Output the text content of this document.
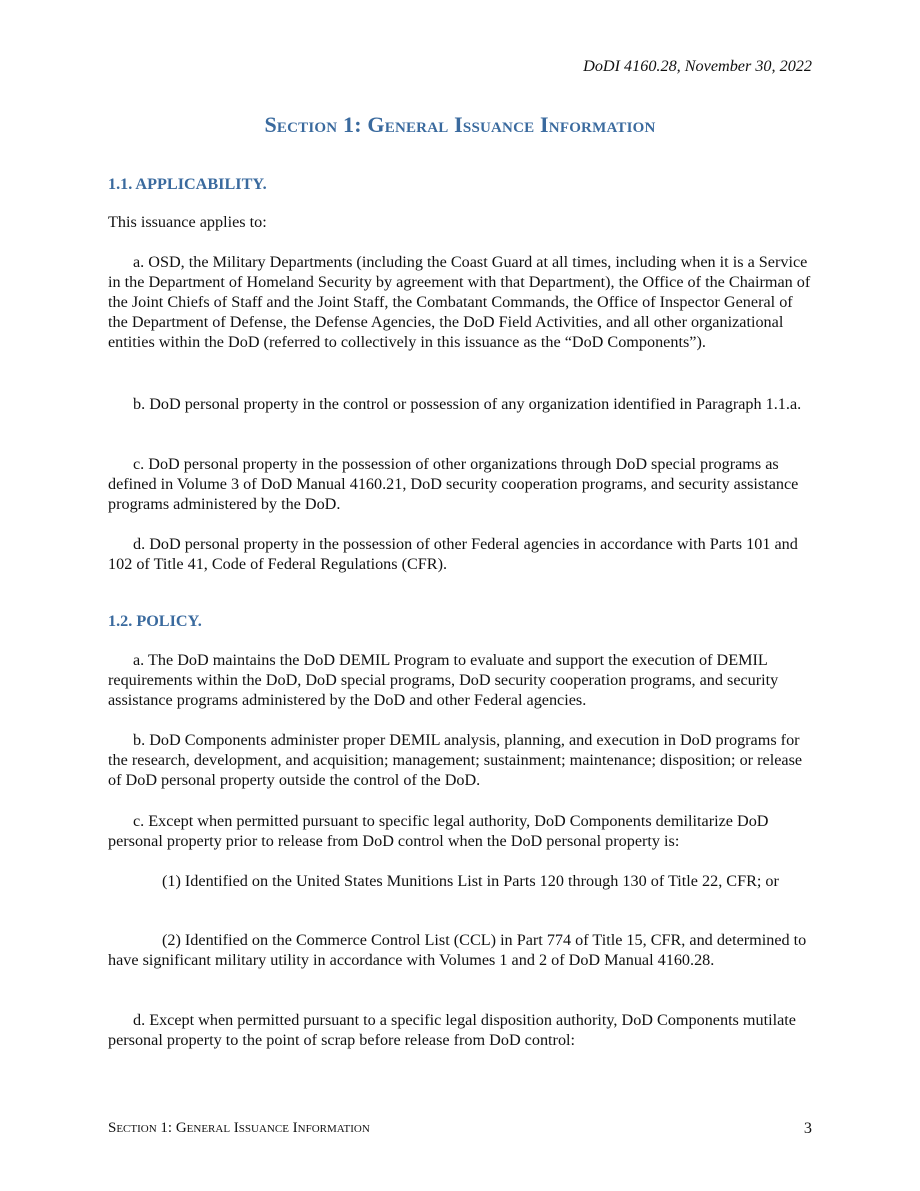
DoDI 4160.28, November 30, 2022
Section 1: General Issuance Information
1.1. APPLICABILITY.

This issuance applies to:

a. OSD, the Military Departments (including the Coast Guard at all times, including when it is a Service in the Department of Homeland Security by agreement with that Department), the Office of the Chairman of the Joint Chiefs of Staff and the Joint Staff, the Combatant Commands, the Office of Inspector General of the Department of Defense, the Defense Agencies, the DoD Field Activities, and all other organizational entities within the DoD (referred to collectively in this issuance as the “DoD Components”).

b. DoD personal property in the control or possession of any organization identified in Paragraph 1.1.a.

c. DoD personal property in the possession of other organizations through DoD special programs as defined in Volume 3 of DoD Manual 4160.21, DoD security cooperation programs, and security assistance programs administered by the DoD.

d. DoD personal property in the possession of other Federal agencies in accordance with Parts 101 and 102 of Title 41, Code of Federal Regulations (CFR).

1.2. POLICY.

a. The DoD maintains the DoD DEMIL Program to evaluate and support the execution of DEMIL requirements within the DoD, DoD special programs, DoD security cooperation programs, and security assistance programs administered by the DoD and other Federal agencies.

b. DoD Components administer proper DEMIL analysis, planning, and execution in DoD programs for the research, development, and acquisition; management; sustainment; maintenance; disposition; or release of DoD personal property outside the control of the DoD.

c. Except when permitted pursuant to specific legal authority, DoD Components demilitarize DoD personal property prior to release from DoD control when the DoD personal property is:

(1) Identified on the United States Munitions List in Parts 120 through 130 of Title 22, CFR; or

(2) Identified on the Commerce Control List (CCL) in Part 774 of Title 15, CFR, and determined to have significant military utility in accordance with Volumes 1 and 2 of DoD Manual 4160.28.

d. Except when permitted pursuant to a specific legal disposition authority, DoD Components mutilate personal property to the point of scrap before release from DoD control:

Section 1: General Issuance Information	3
